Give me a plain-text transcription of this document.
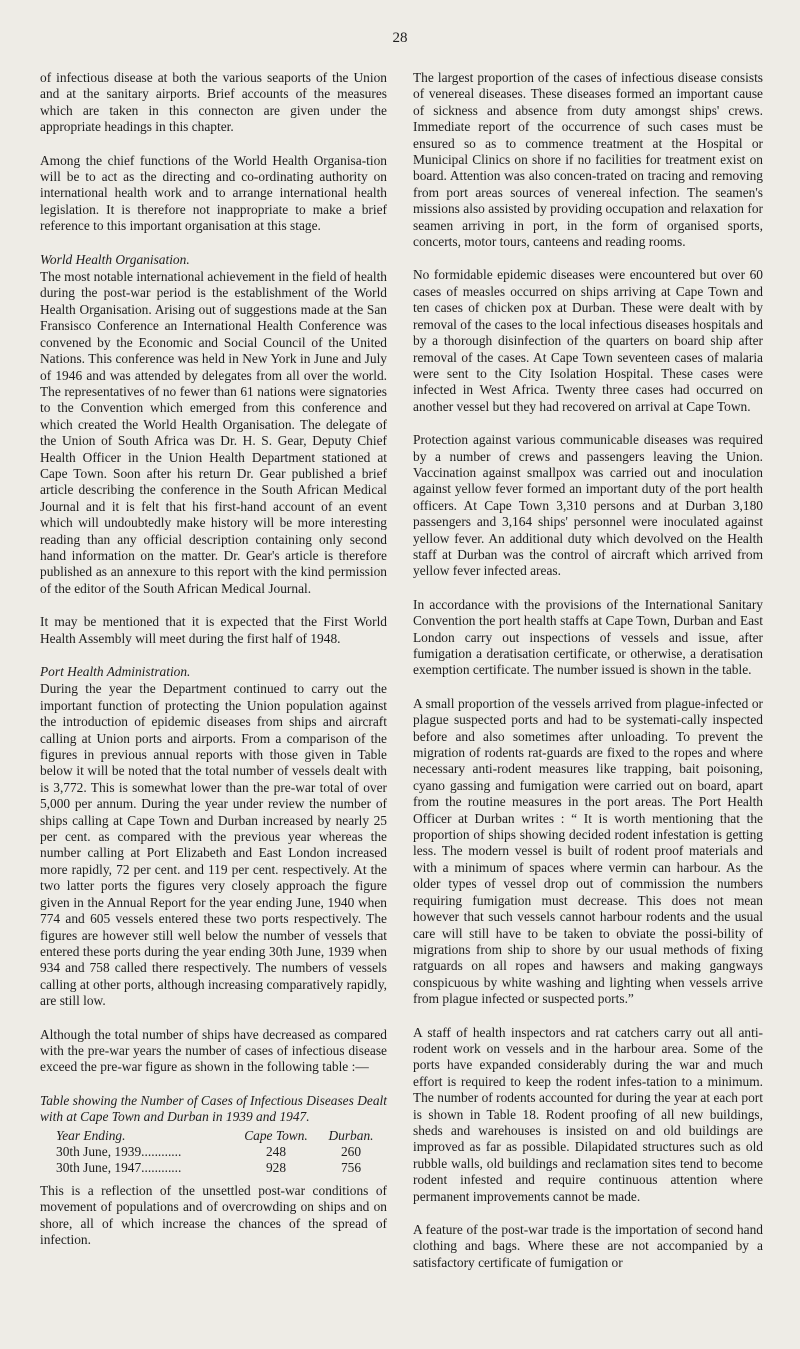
28

of infectious disease at both the various seaports of the Union and at the sanitary airports. Brief accounts of the measures which are taken in this connecton are given under the appropriate headings in this chapter.

Among the chief functions of the World Health Organisa-tion will be to act as the directing and co-ordinating authority on international health work and to arrange international health legislation. It is therefore not inappropriate to make a brief reference to this important organisation at this stage.

World Health Organisation.

The most notable international achievement in the field of health during the post-war period is the establishment of the World Health Organisation. Arising out of suggestions made at the San Fransisco Conference an International Health Conference was convened by the Economic and Social Council of the United Nations. This conference was held in New York in June and July of 1946 and was attended by delegates from all over the world. The representatives of no fewer than 61 nations were signatories to the Convention which emerged from this conference and which created the World Health Organisation. The delegate of the Union of South Africa was Dr. H. S. Gear, Deputy Chief Health Officer in the Union Health Department stationed at Cape Town. Soon after his return Dr. Gear published a brief article describing the conference in the South African Medical Journal and it is felt that his first-hand account of an event which will undoubtedly make history will be more interesting reading than any official description containing only second hand information on the matter. Dr. Gear's article is therefore published as an annexure to this report with the kind permission of the editor of the South African Medical Journal.

It may be mentioned that it is expected that the First World Health Assembly will meet during the first half of 1948.

Port Health Administration.

During the year the Department continued to carry out the important function of protecting the Union population against the introduction of epidemic diseases from ships and aircraft calling at Union ports and airports. From a comparison of the figures in previous annual reports with those given in Table below it will be noted that the total number of vessels dealt with is 3,772. This is somewhat lower than the pre-war total of over 5,000 per annum. During the year under review the number of ships calling at Cape Town and Durban increased by nearly 25 per cent. as compared with the previous year whereas the number calling at Port Elizabeth and East London increased more rapidly, 72 per cent. and 119 per cent. respectively. At the two latter ports the figures very closely approach the figure given in the Annual Report for the year ending June, 1940 when 774 and 605 vessels entered these two ports respectively. The figures are however still well below the number of vessels that entered these ports during the year ending 30th June, 1939 when 934 and 758 called there respectively. The numbers of vessels calling at other ports, although increasing comparatively rapidly, are still low.

Although the total number of ships have decreased as compared with the pre-war years the number of cases of infectious disease exceed the pre-war figure as shown in the following table :—

Table showing the Number of Cases of Infectious Diseases Dealt with at Cape Town and Durban in 1939 and 1947.
Year Ending.	Cape Town.	Durban.
30th June, 1939............	248	260
30th June, 1947............	928	756

This is a reflection of the unsettled post-war conditions of movement of populations and of overcrowding on ships and on shore, all of which increase the chances of the spread of infection.

The largest proportion of the cases of infectious disease consists of venereal diseases. These diseases formed an important cause of sickness and absence from duty amongst ships' crews. Immediate report of the occurrence of such cases must be ensured so as to commence treatment at the Hospital or Municipal Clinics on shore if no facilities for treatment exist on board. Attention was also concen-trated on tracing and removing from port areas sources of venereal infection. The seamen's missions also assisted by providing occupation and relaxation for seamen arriving in port, in the form of organised sports, concerts, motor tours, canteens and reading rooms.

No formidable epidemic diseases were encountered but over 60 cases of measles occurred on ships arriving at Cape Town and ten cases of chicken pox at Durban. These were dealt with by removal of the cases to the local infectious diseases hospitals and by a thorough disinfection of the quarters on board ship after removal of the cases. At Cape Town seventeen cases of malaria were sent to the City Isolation Hospital. These cases were infected in West Africa. Twenty three cases had occurred on another vessel but they had recovered on arrival at Cape Town.

Protection against various communicable diseases was required by a number of crews and passengers leaving the Union. Vaccination against smallpox was carried out and inoculation against yellow fever formed an important duty of the port health officers. At Cape Town 3,310 persons and at Durban 3,180 passengers and 3,164 ships' personnel were inoculated against yellow fever. An additional duty which devolved on the Health staff at Durban was the control of aircraft which arrived from yellow fever infected areas.

In accordance with the provisions of the International Sanitary Convention the port health staffs at Cape Town, Durban and East London carry out inspections of vessels and issue, after fumigation a deratisation certificate, or otherwise, a deratisation exemption certificate. The number issued is shown in the table.

A small proportion of the vessels arrived from plague-infected or plague suspected ports and had to be systemati-cally inspected before and also sometimes after unloading. To prevent the migration of rodents rat-guards are fixed to the ropes and where necessary anti-rodent measures like trapping, bait poisoning, cyano gassing and fumigation were carried out on board, apart from the routine measures in the port areas. The Port Health Officer at Durban writes : “ It is worth mentioning that the proportion of ships showing decided rodent infestation is getting less. The modern vessel is built of rodent proof materials and with a minimum of spaces where vermin can harbour. As the older types of vessel drop out of commission the numbers requiring fumigation must decrease. This does not mean however that such vessels cannot harbour rodents and the usual care will still have to be taken to obviate the possi-bility of migrations from ship to shore by our usual methods of fixing ratguards on all ropes and hawsers and making gangways conspicuous by white washing and lighting when vessels arrive from plague infected or suspected ports.”

A staff of health inspectors and rat catchers carry out all anti-rodent work on vessels and in the harbour area. Some of the ports have expanded considerably during the war and much effort is required to keep the rodent infes-tation to a minimum. The number of rodents accounted for during the year at each port is shown in Table 18. Rodent proofing of all new buildings, sheds and warehouses is insisted on and old buildings are improved as far as possible. Dilapidated structures such as old rubble walls, old buildings and reclamation sites tend to become rodent infested and require continuous attention where permanent improvements cannot be made.

A feature of the post-war trade is the importation of second hand clothing and bags. Where these are not accompanied by a satisfactory certificate of fumigation or
